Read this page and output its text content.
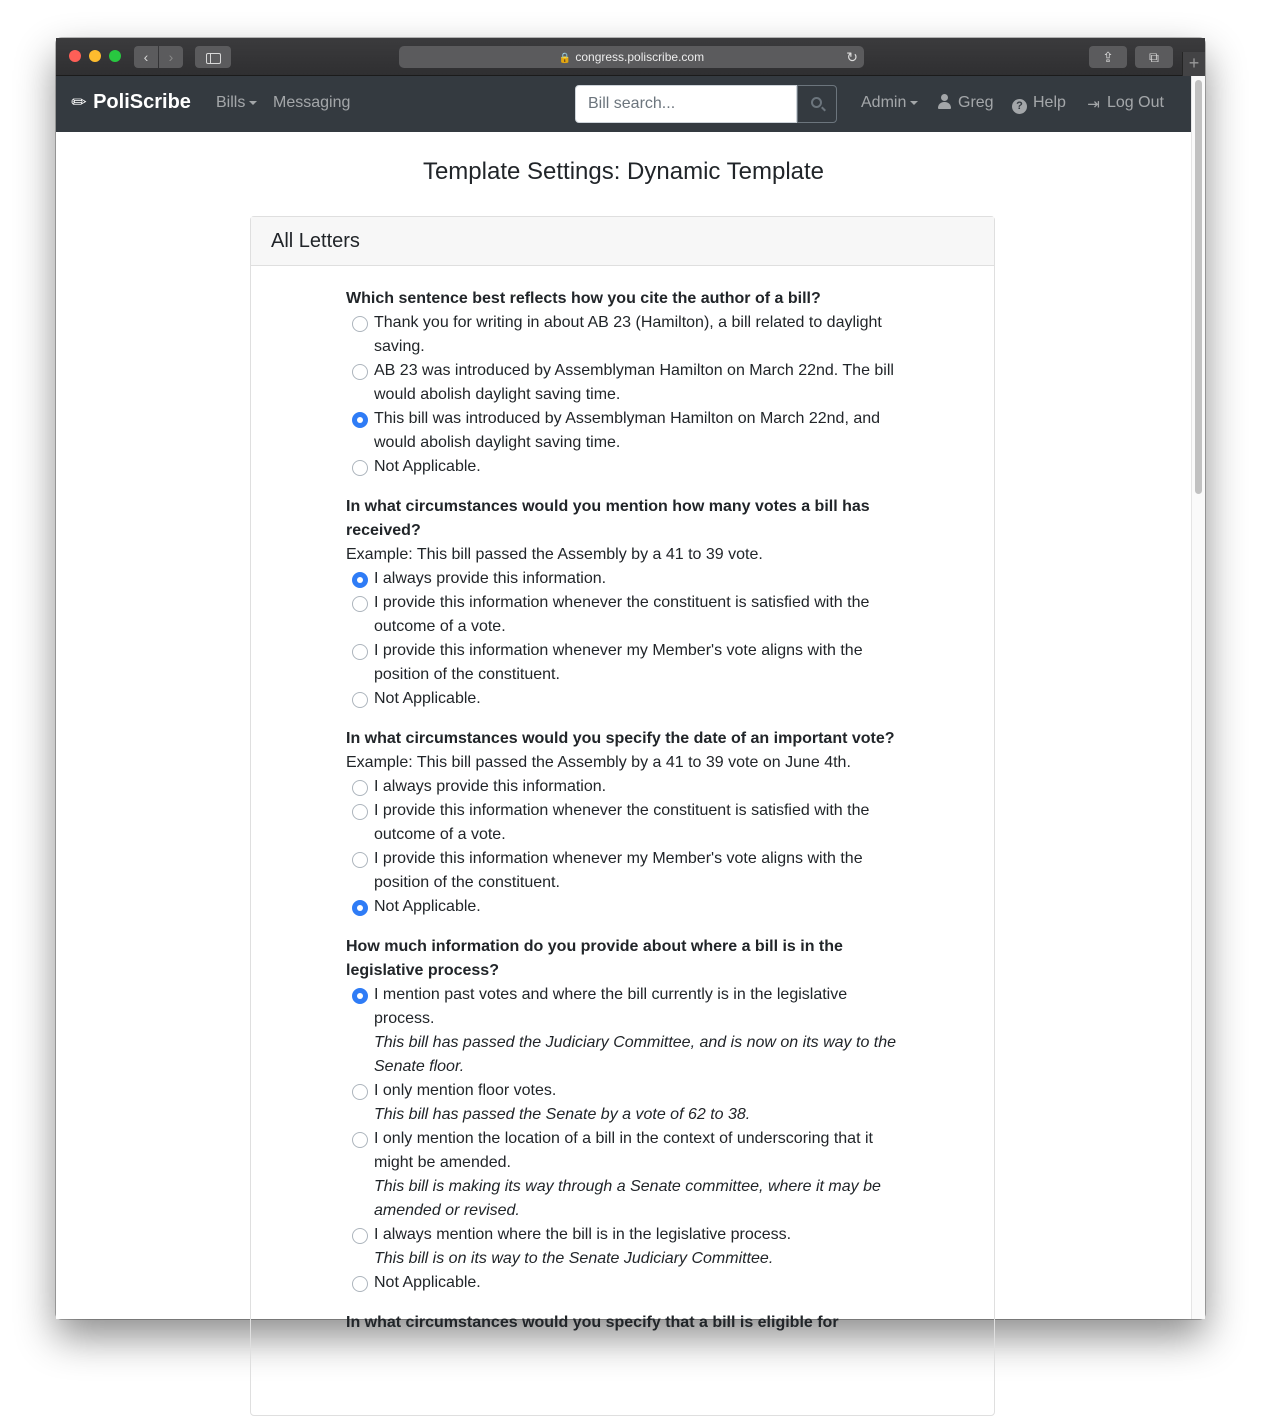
‹	›	🔒 congress.poliscribe.com	↻	⇪	⧉	+
✎PoliScribe Bills	Messaging
Bill search...	Admin	Greg	? Help ⇥ Log Out
Template Settings: Dynamic Template
All Letters
Which sentence best reflects how you cite the author of a bill?
Thank you for writing in about AB 23 (Hamilton), a bill related to daylight saving.
AB 23 was introduced by Assemblyman Hamilton on March 22nd. The bill would abolish daylight saving time.
This bill was introduced by Assemblyman Hamilton on March 22nd, and would abolish daylight saving time.
Not Applicable.
In what circumstances would you mention how many votes a bill has received?
Example: This bill passed the Assembly by a 41 to 39 vote.
I always provide this information.
I provide this information whenever the constituent is satisfied with the outcome of a vote.
I provide this information whenever my Member's vote aligns with the position of the constituent.
Not Applicable.
In what circumstances would you specify the date of an important vote?
Example: This bill passed the Assembly by a 41 to 39 vote on June 4th.
I always provide this information.
I provide this information whenever the constituent is satisfied with the outcome of a vote.
I provide this information whenever my Member's vote aligns with the position of the constituent.
Not Applicable.
How much information do you provide about where a bill is in the legislative process?
I mention past votes and where the bill currently is in the legislative process.
This bill has passed the Judiciary Committee, and is now on its way to the Senate floor.
I only mention floor votes.
This bill has passed the Senate by a vote of 62 to 38.
I only mention the location of a bill in the context of underscoring that it might be amended.
This bill is making its way through a Senate committee, where it may be amended or revised.
I always mention where the bill is in the legislative process.
This bill is on its way to the Senate Judiciary Committee.
Not Applicable.
In what circumstances would you specify that a bill is eligible for
